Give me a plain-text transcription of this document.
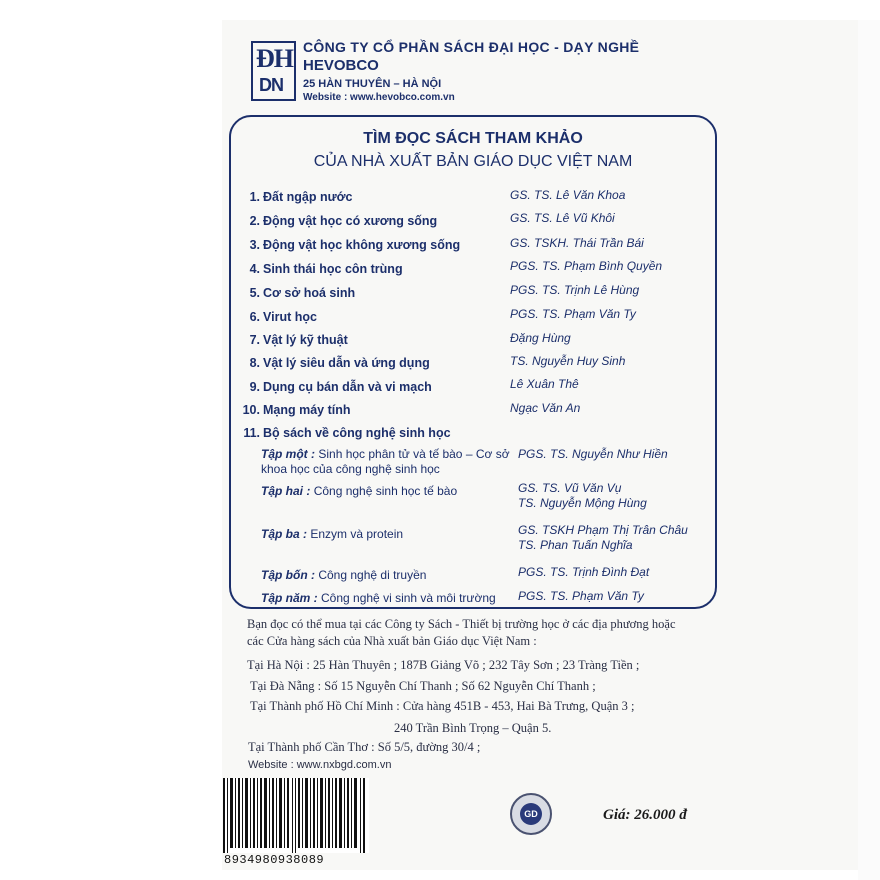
ĐH
DN
CÔNG TY CỔ PHẦN SÁCH ĐẠI HỌC - DẠY NGHỀ
HEVOBCO
25 HÀN THUYÊN – HÀ NỘI
Website : www.hevobco.com.vn
TÌM ĐỌC SÁCH THAM KHẢO
CỦA NHÀ XUẤT BẢN GIÁO DỤC VIỆT NAM
1. Đất ngập nước	GS. TS. Lê Văn Khoa
2. Động vật học có xương sống	GS. TS. Lê Vũ Khôi
3. Động vật học không xương sống	GS. TSKH. Thái Trần Bái
4. Sinh thái học côn trùng	PGS. TS. Phạm Bình Quyền
5. Cơ sở hoá sinh	PGS. TS. Trịnh Lê Hùng
6. Virut học	PGS. TS. Phạm Văn Ty
7. Vật lý kỹ thuật	Đặng Hùng
8. Vật lý siêu dẫn và ứng dụng	TS. Nguyễn Huy Sinh
9. Dụng cụ bán dẫn và vi mạch	Lê Xuân Thê
10. Mạng máy tính	Ngạc Văn An
11. Bộ sách về công nghệ sinh học
Tập một : Sinh học phân tử và tế bào – Cơ sở
khoa học của công nghệ sinh học
PGS. TS. Nguyễn Như Hiền
Tập hai : Công nghệ sinh học tế bào	GS. TS. Vũ Văn Vụ
TS. Nguyễn Mộng Hùng
Tập ba : Enzym và protein	GS. TSKH Phạm Thị Trân Châu
TS. Phan Tuấn Nghĩa
Tập bốn : Công nghệ di truyền	PGS. TS. Trịnh Đình Đạt
Tập năm : Công nghệ vi sinh và môi trường PGS. TS. Phạm Văn Ty
Bạn đọc có thể mua tại các Công ty Sách - Thiết bị trường học ở các địa phương hoặc
các Cửa hàng sách của Nhà xuất bản Giáo dục Việt Nam :
Tại Hà Nội : 25 Hàn Thuyên ; 187B Giảng Võ ; 232 Tây Sơn ; 23 Tràng Tiền ;
Tại Đà Nẵng : Số 15 Nguyễn Chí Thanh ; Số 62 Nguyễn Chí Thanh ;
Tại Thành phố Hồ Chí Minh : Cửa hàng 451B - 453, Hai Bà Trưng, Quận 3 ;
240 Trần Bình Trọng – Quận 5.
Tại Thành phố Cần Thơ : Số 5/5, đường 30/4 ;
Website : www.nxbgd.com.vn
8934980938089
GD	Giá: 26.000 đ
